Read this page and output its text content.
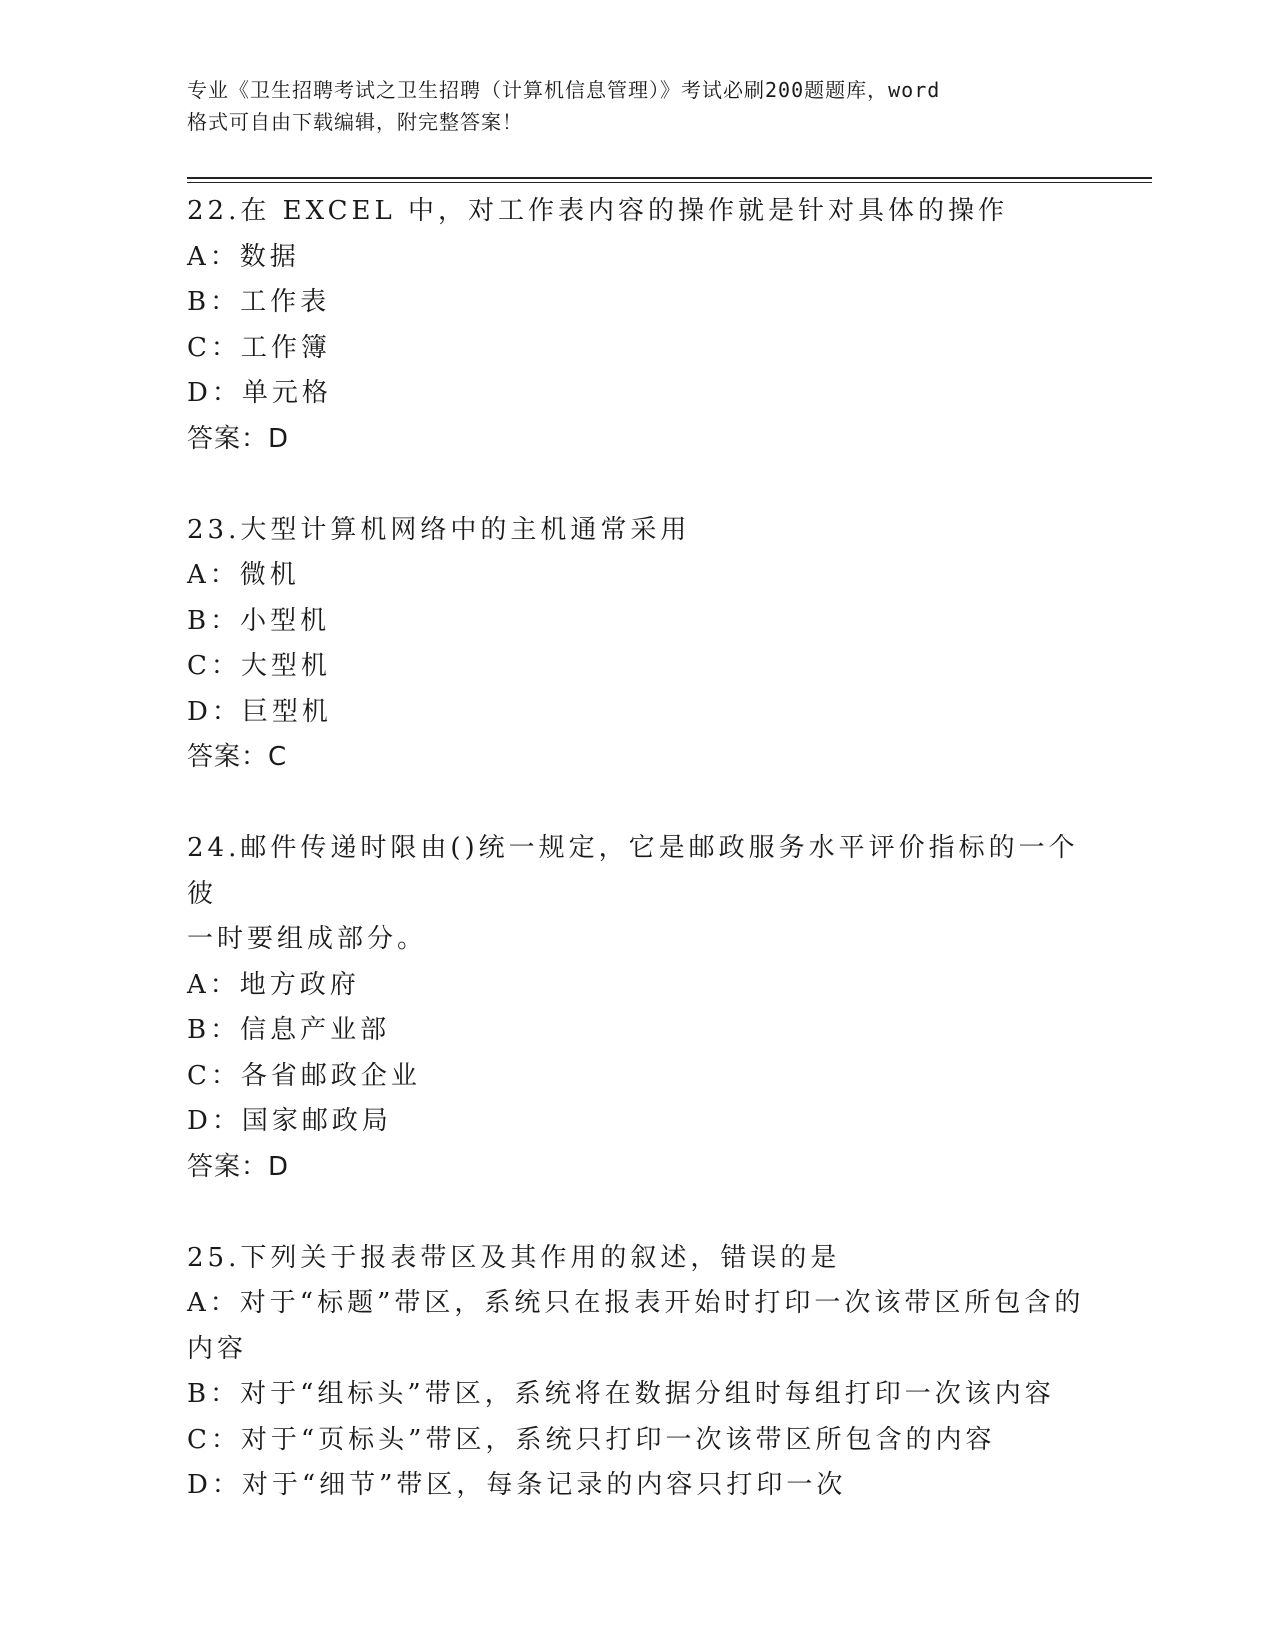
专业《卫生招聘考试之卫生招聘（计算机信息管理）》考试必刷200题题库，word
格式可自由下载编辑，附完整答案！
22.在 EXCEL 中，对工作表内容的操作就是针对具体的操作
A：数据
B：工作表
C：工作簿
D：单元格
答案：D
23.大型计算机网络中的主机通常采用
A：微机
B：小型机
C：大型机
D：巨型机
答案：C
24.邮件传递时限由()统一规定，它是邮政服务水平评价指标的一个彼
一时要组成部分。
A：地方政府
B：信息产业部
C：各省邮政企业
D：国家邮政局
答案：D
25.下列关于报表带区及其作用的叙述，错误的是
A：对于“标题”带区，系统只在报表开始时打印一次该带区所包含的
内容
B：对于“组标头”带区，系统将在数据分组时每组打印一次该内容
C：对于“页标头”带区，系统只打印一次该带区所包含的内容
D：对于“细节”带区，每条记录的内容只打印一次
